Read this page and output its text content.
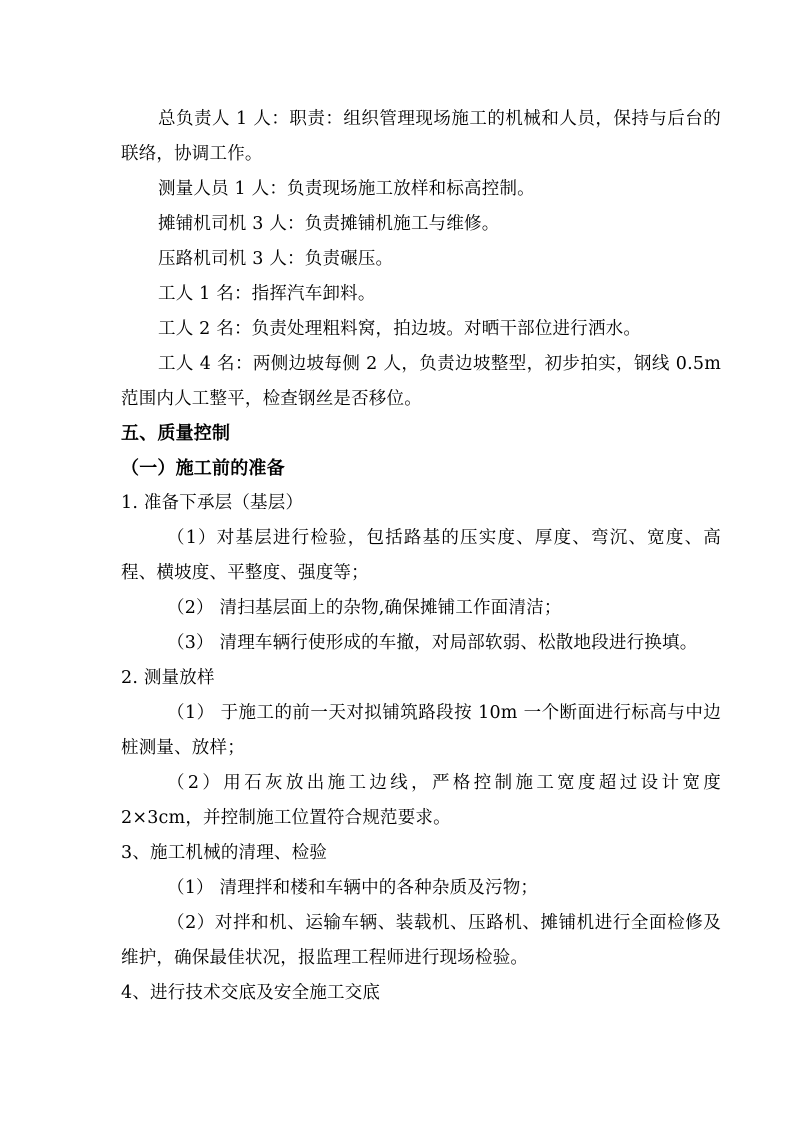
总负责人 1 人：职责：组织管理现场施工的机械和人员，保持与后台的联络，协调工作。

测量人员 1 人：负责现场施工放样和标高控制。

摊铺机司机 3 人：负责摊铺机施工与维修。

压路机司机 3 人：负责碾压。

工人 1 名：指挥汽车卸料。

工人 2 名：负责处理粗料窝，拍边坡。对晒干部位进行洒水。

工人 4 名：两侧边坡每侧 2 人，负责边坡整型，初步拍实，钢线 0.5m 范围内人工整平，检查钢丝是否移位。

五、质量控制

（一）施工前的准备

1. 准备下承层（基层）

（1）对基层进行检验，包括路基的压实度、厚度、弯沉、宽度、高程、横坡度、平整度、强度等；

（2） 清扫基层面上的杂物,确保摊铺工作面清洁；

（3） 清理车辆行使形成的车撤，对局部软弱、松散地段进行换填。

2. 测量放样

（1） 于施工的前一天对拟铺筑路段按 10m 一个断面进行标高与中边桩测量、放样；

（2）用石灰放出施工边线，严格控制施工宽度超过设计宽度 2×3cm，并控制施工位置符合规范要求。

3、施工机械的清理、检验

（1） 清理拌和楼和车辆中的各种杂质及污物；

（2）对拌和机、运输车辆、装载机、压路机、摊铺机进行全面检修及维护，确保最佳状况，报监理工程师进行现场检验。

4、进行技术交底及安全施工交底
